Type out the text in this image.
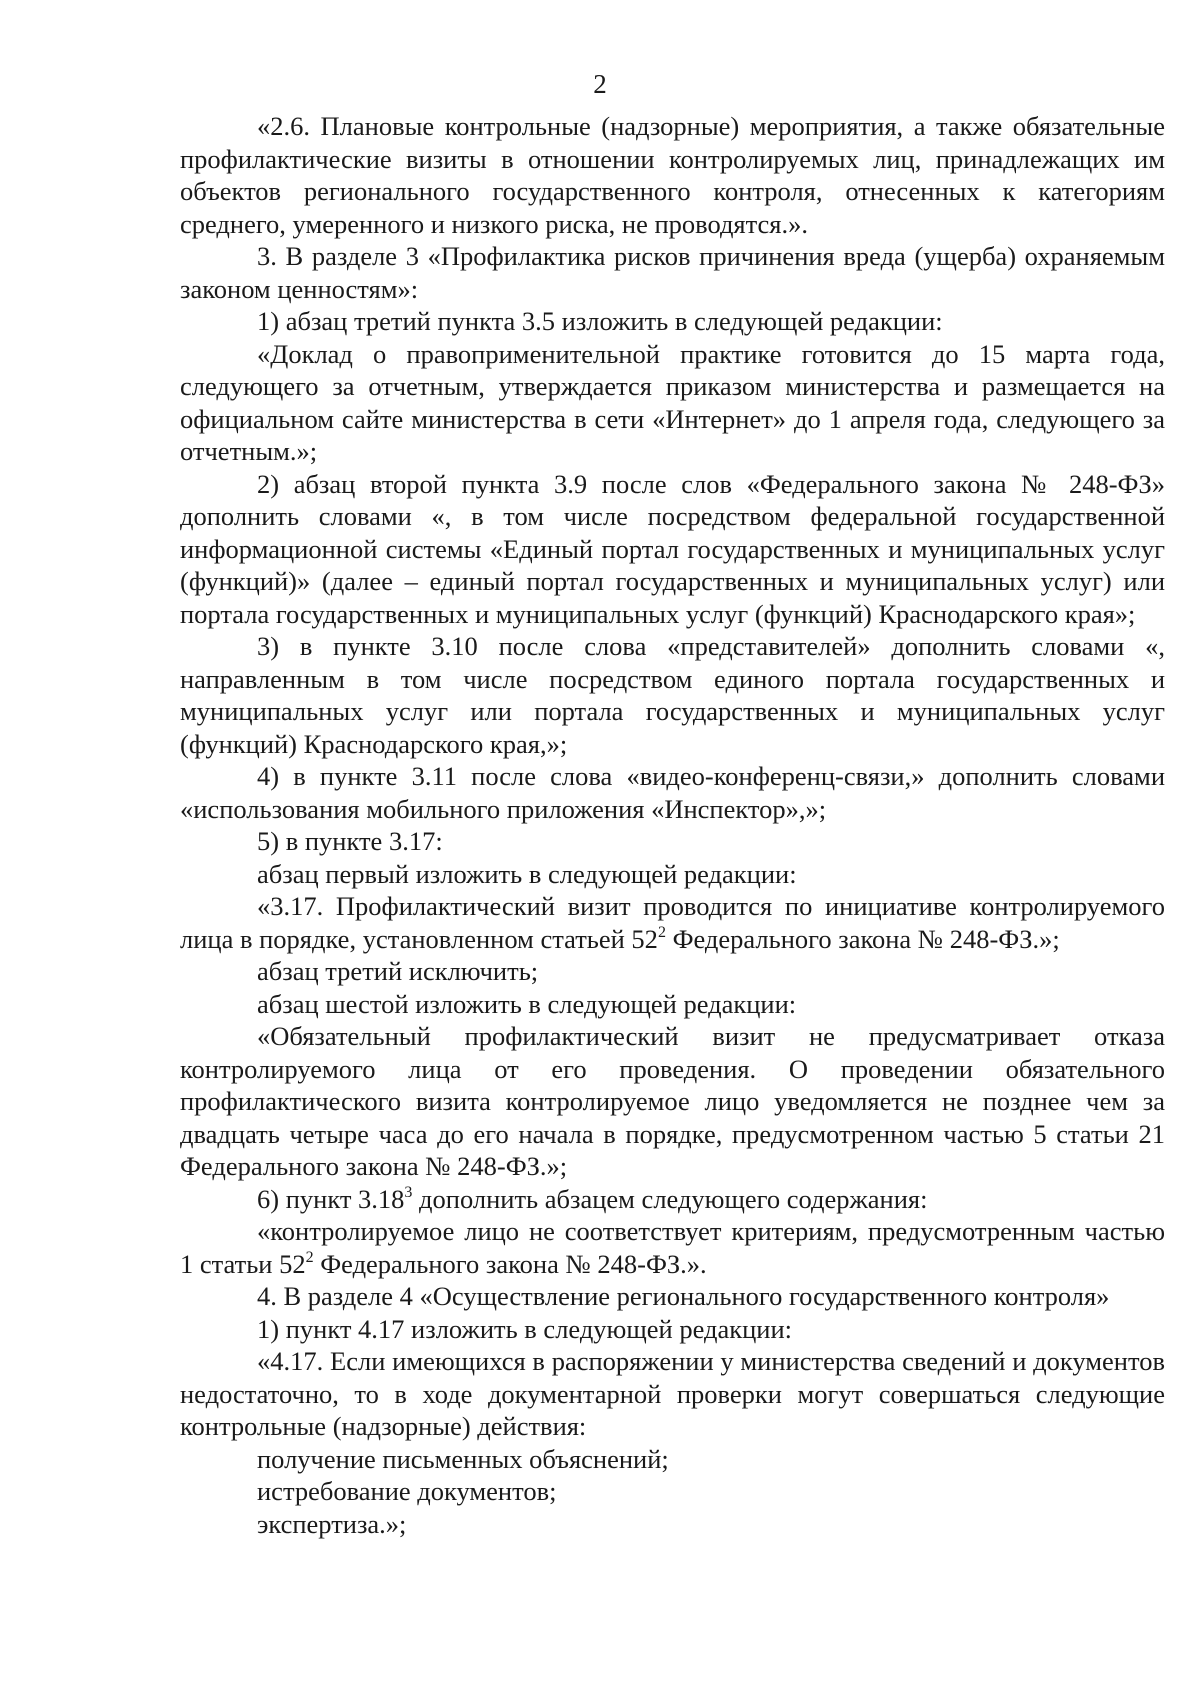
2

«2.6. Плановые контрольные (надзорные) мероприятия, а также обязательные профилактические визиты в отношении контролируемых лиц, принадлежащих им объектов регионального государственного контроля, отнесенных к категориям среднего, умеренного и низкого риска, не проводятся.».

3. В разделе 3 «Профилактика рисков причинения вреда (ущерба) охраняемым законом ценностям»:

1) абзац третий пункта 3.5 изложить в следующей редакции:

«Доклад о правоприменительной практике готовится до 15 марта года, следующего за отчетным, утверждается приказом министерства и размещается на официальном сайте министерства в сети «Интернет» до 1 апреля года, следующего за отчетным.»;

2) абзац второй пункта 3.9 после слов «Федерального закона № 248-ФЗ» дополнить словами «, в том числе посредством федеральной государственной информационной системы «Единый портал государственных и муниципальных услуг (функций)» (далее – единый портал государственных и муниципальных услуг) или портала государственных и муниципальных услуг (функций) Краснодарского края»;

3) в пункте 3.10 после слова «представителей» дополнить словами «, направленным в том числе посредством единого портала государственных и муниципальных услуг или портала государственных и муниципальных услуг (функций) Краснодарского края,»;

4) в пункте 3.11 после слова «видео-конференц-связи,» дополнить словами «использования мобильного приложения «Инспектор»,»;

5) в пункте 3.17:

абзац первый изложить в следующей редакции:

«3.17. Профилактический визит проводится по инициативе контролируемого лица в порядке, установленном статьей $52^2$ Федерального закона № 248-ФЗ.»;

абзац третий исключить;

абзац шестой изложить в следующей редакции:

«Обязательный профилактический визит не предусматривает отказа контролируемого лица от его проведения. О проведении обязательного профилактического визита контролируемое лицо уведомляется не позднее чем за двадцать четыре часа до его начала в порядке, предусмотренном частью 5 статьи 21 Федерального закона № 248-ФЗ.»;

6) пункт 3.18$^3$ дополнить абзацем следующего содержания:

«контролируемое лицо не соответствует критериям, предусмотренным частью 1 статьи $52^2$ Федерального закона № 248-ФЗ.».

4. В разделе 4 «Осуществление регионального государственного контроля»

1) пункт 4.17 изложить в следующей редакции:

«4.17. Если имеющихся в распоряжении у министерства сведений и документов недостаточно, то в ходе документарной проверки могут совершаться следующие контрольные (надзорные) действия:

получение письменных объяснений;

истребование документов;

экспертиза.»;
